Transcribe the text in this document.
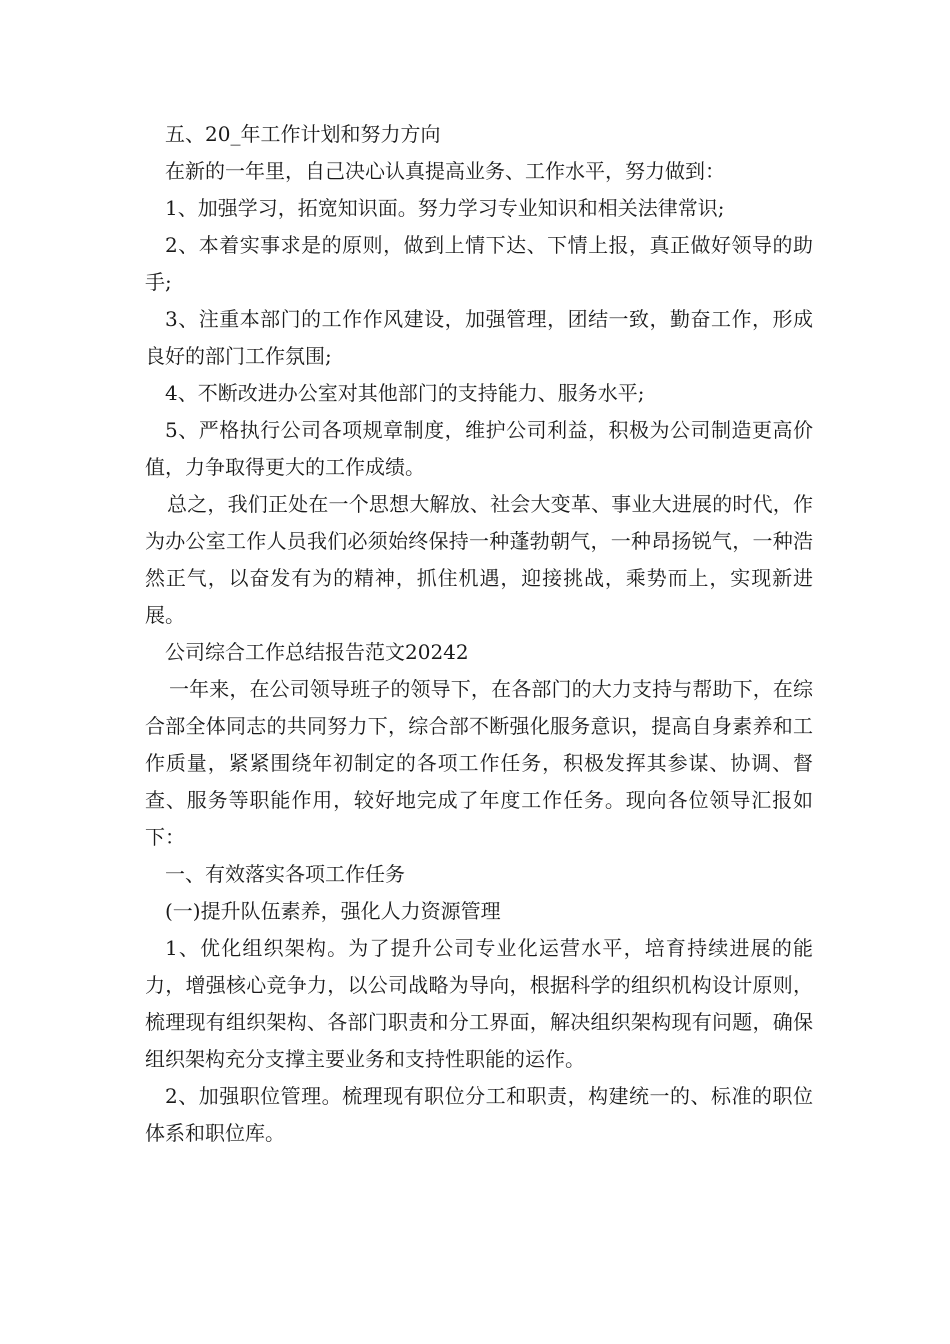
五、20_年工作计划和努力方向

在新的一年里，自己决心认真提高业务、工作水平，努力做到：

1、加强学习，拓宽知识面。努力学习专业知识和相关法律常识;

2、本着实事求是的原则，做到上情下达、下情上报，真正做好领导的助手;

3、注重本部门的工作作风建设，加强管理，团结一致，勤奋工作，形成良好的部门工作氛围;

4、不断改进办公室对其他部门的支持能力、服务水平;

5、严格执行公司各项规章制度，维护公司利益，积极为公司制造更高价值，力争取得更大的工作成绩。

总之，我们正处在一个思想大解放、社会大变革、事业大进展的时代，作为办公室工作人员我们必须始终保持一种蓬勃朝气，一种昂扬锐气，一种浩然正气，以奋发有为的精神，抓住机遇，迎接挑战，乘势而上，实现新进展。

公司综合工作总结报告范文20242

一年来，在公司领导班子的领导下，在各部门的大力支持与帮助下，在综合部全体同志的共同努力下，综合部不断强化服务意识，提高自身素养和工作质量，紧紧围绕年初制定的各项工作任务，积极发挥其参谋、协调、督查、服务等职能作用，较好地完成了年度工作任务。现向各位领导汇报如下：

一、有效落实各项工作任务

(一)提升队伍素养，强化人力资源管理

1、优化组织架构。为了提升公司专业化运营水平，培育持续进展的能力，增强核心竞争力，以公司战略为导向，根据科学的组织机构设计原则，梳理现有组织架构、各部门职责和分工界面，解决组织架构现有问题，确保组织架构充分支撑主要业务和支持性职能的运作。

2、加强职位管理。梳理现有职位分工和职责，构建统一的、标准的职位体系和职位库。
